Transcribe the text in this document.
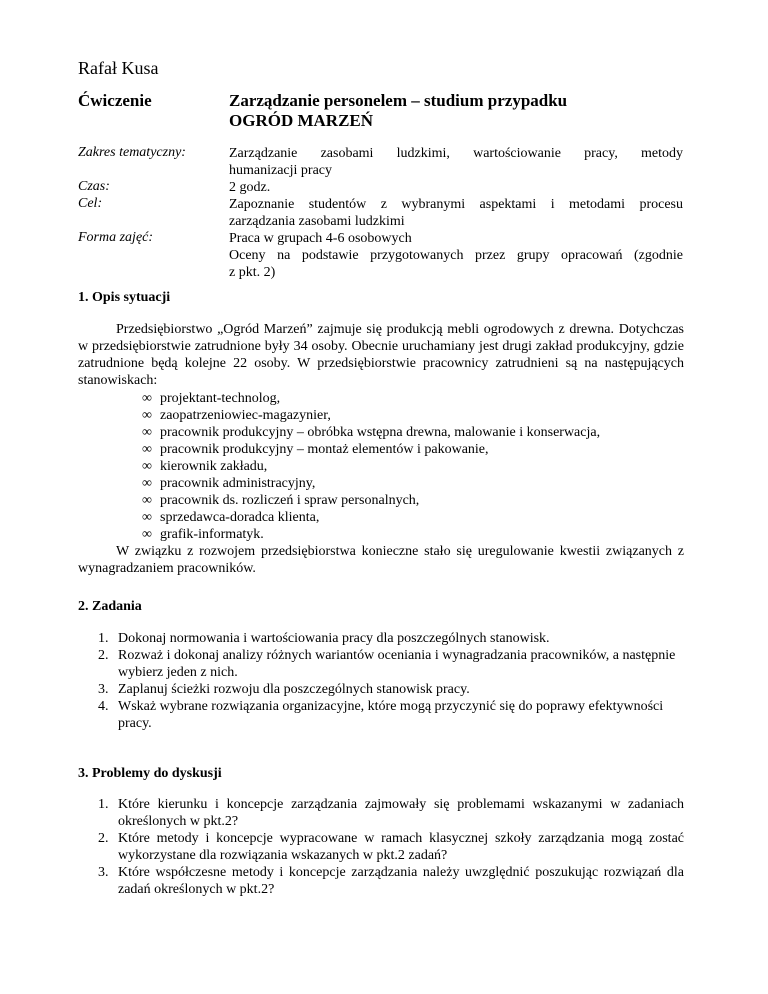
Rafał Kusa
Ćwiczenie	Zarządzanie personelem – studium przypadku
OGRÓD MARZEŃ
Zakres tematyczny:	Zarządzanie zasobami ludzkimi, wartościowanie pracy, metody
humanizacji pracy
Czas:	2 godz.
Cel:	Zapoznanie studentów z wybranymi aspektami i metodami procesu
zarządzania zasobami ludzkimi
Forma zajęć:	Praca w grupach 4-6 osobowych
Oceny na podstawie przygotowanych przez grupy opracowań (zgodnie
z pkt. 2)
1. Opis sytuacji
Przedsiębiorstwo „Ogród Marzeń” zajmuje się produkcją mebli ogrodowych z drewna. Dotychczas w przedsiębiorstwie zatrudnione były 34 osoby. Obecnie uruchamiany jest drugi zakład produkcyjny, gdzie zatrudnione będą kolejne 22 osoby. W przedsiębiorstwie pracownicy zatrudnieni są na następujących stanowiskach:
∞ projektant-technolog,
∞ zaopatrzeniowiec-magazynier,
∞ pracownik produkcyjny – obróbka wstępna drewna, malowanie i konserwacja,
∞ pracownik produkcyjny – montaż elementów i pakowanie,
∞ kierownik zakładu,
∞ pracownik administracyjny,
∞ pracownik ds. rozliczeń i spraw personalnych,
∞ sprzedawca-doradca klienta,
∞ grafik-informatyk.
W związku z rozwojem przedsiębiorstwa konieczne stało się uregulowanie kwestii związanych z wynagradzaniem pracowników.
2. Zadania
1. Dokonaj normowania i wartościowania pracy dla poszczególnych stanowisk.
2. Rozważ i dokonaj analizy różnych wariantów oceniania i wynagradzania pracowników, a następnie wybierz jeden z nich.
3. Zaplanuj ścieżki rozwoju dla poszczególnych stanowisk pracy.
4. Wskaż wybrane rozwiązania organizacyjne, które mogą przyczynić się do poprawy efektywności pracy.
3. Problemy do dyskusji
1. Które kierunku i koncepcje zarządzania zajmowały się problemami wskazanymi w zadaniach określonych w pkt.2?
2. Które metody i koncepcje wypracowane w ramach klasycznej szkoły zarządzania mogą zostać wykorzystane dla rozwiązania wskazanych w pkt.2 zadań?
3. Które współczesne metody i koncepcje zarządzania należy uwzględnić poszukując rozwiązań dla zadań określonych w pkt.2?
